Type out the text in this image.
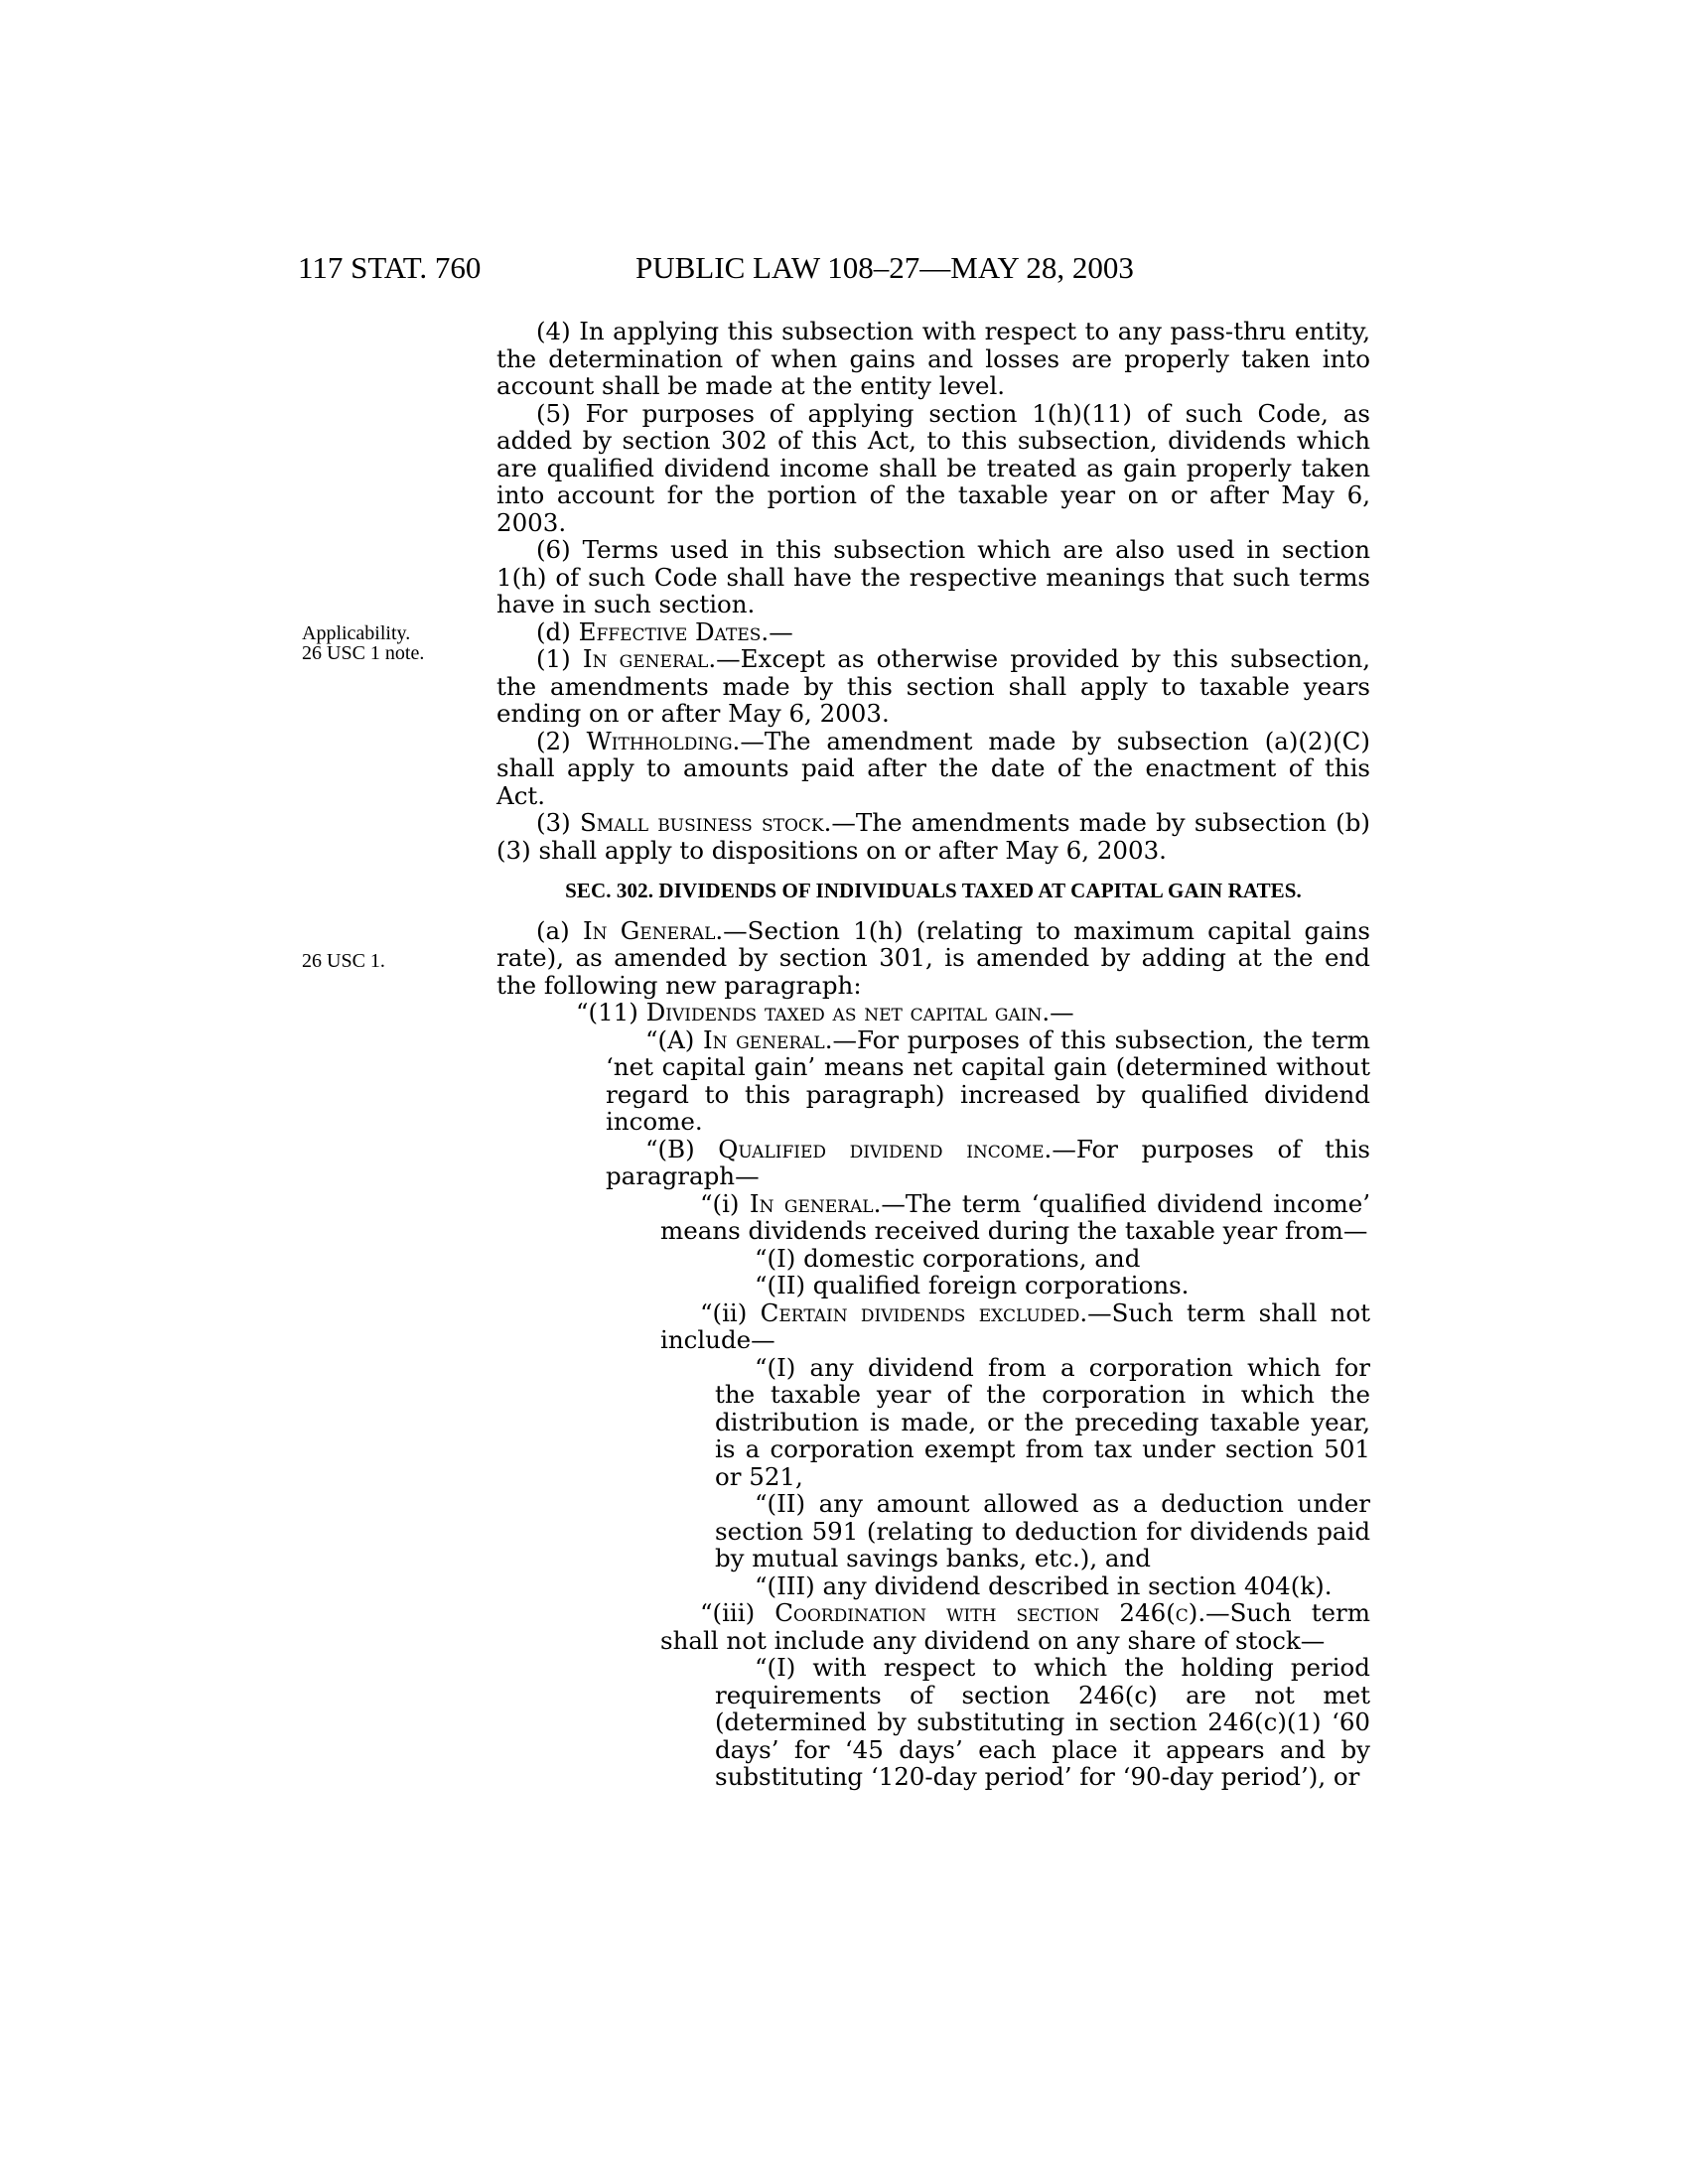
117 STAT. 760	PUBLIC LAW 108–27—MAY 28, 2003
Applicability.
26 USC 1 note.
26 USC 1.

(4) In applying this subsection with respect to any pass-thru entity, the determination of when gains and losses are properly taken into account shall be made at the entity level.

(5) For purposes of applying section 1(h)(11) of such Code, as added by section 302 of this Act, to this subsection, dividends which are qualified dividend income shall be treated as gain properly taken into account for the portion of the taxable year on or after May 6, 2003.

(6) Terms used in this subsection which are also used in section 1(h) of such Code shall have the respective meanings that such terms have in such section.

(d) Effective Dates.—

(1) In general.—Except as otherwise provided by this subsection, the amendments made by this section shall apply to taxable years ending on or after May 6, 2003.

(2) Withholding.—The amendment made by subsection (a)(2)(C) shall apply to amounts paid after the date of the enactment of this Act.

(3) Small business stock.—The amendments made by subsection (b)(3) shall apply to dispositions on or after May 6, 2003.

SEC. 302. DIVIDENDS OF INDIVIDUALS TAXED AT CAPITAL GAIN RATES.

(a) In General.—Section 1(h) (relating to maximum capital gains rate), as amended by section 301, is amended by adding at the end the following new paragraph:

“(11) Dividends taxed as net capital gain.—

“(A) In general.—For purposes of this subsection, the term ‘net capital gain’ means net capital gain (determined without regard to this paragraph) increased by qualified dividend income.

“(B) Qualified dividend income.—For purposes of this paragraph—

“(i) In general.—The term ‘qualified dividend income’ means dividends received during the taxable year from—

“(I) domestic corporations, and

“(II) qualified foreign corporations.

“(ii) Certain dividends excluded.—Such term shall not include—

“(I) any dividend from a corporation which for the taxable year of the corporation in which the distribution is made, or the preceding taxable year, is a corporation exempt from tax under section 501 or 521,

“(II) any amount allowed as a deduction under section 591 (relating to deduction for dividends paid by mutual savings banks, etc.), and

“(III) any dividend described in section 404(k).

“(iii) Coordination with section 246(c).—Such term shall not include any dividend on any share of stock—

“(I) with respect to which the holding period requirements of section 246(c) are not met (determined by substituting in section 246(c)(1) ‘60 days’ for ‘45 days’ each place it appears and by substituting ‘120-day period’ for ‘90-day period’), or
